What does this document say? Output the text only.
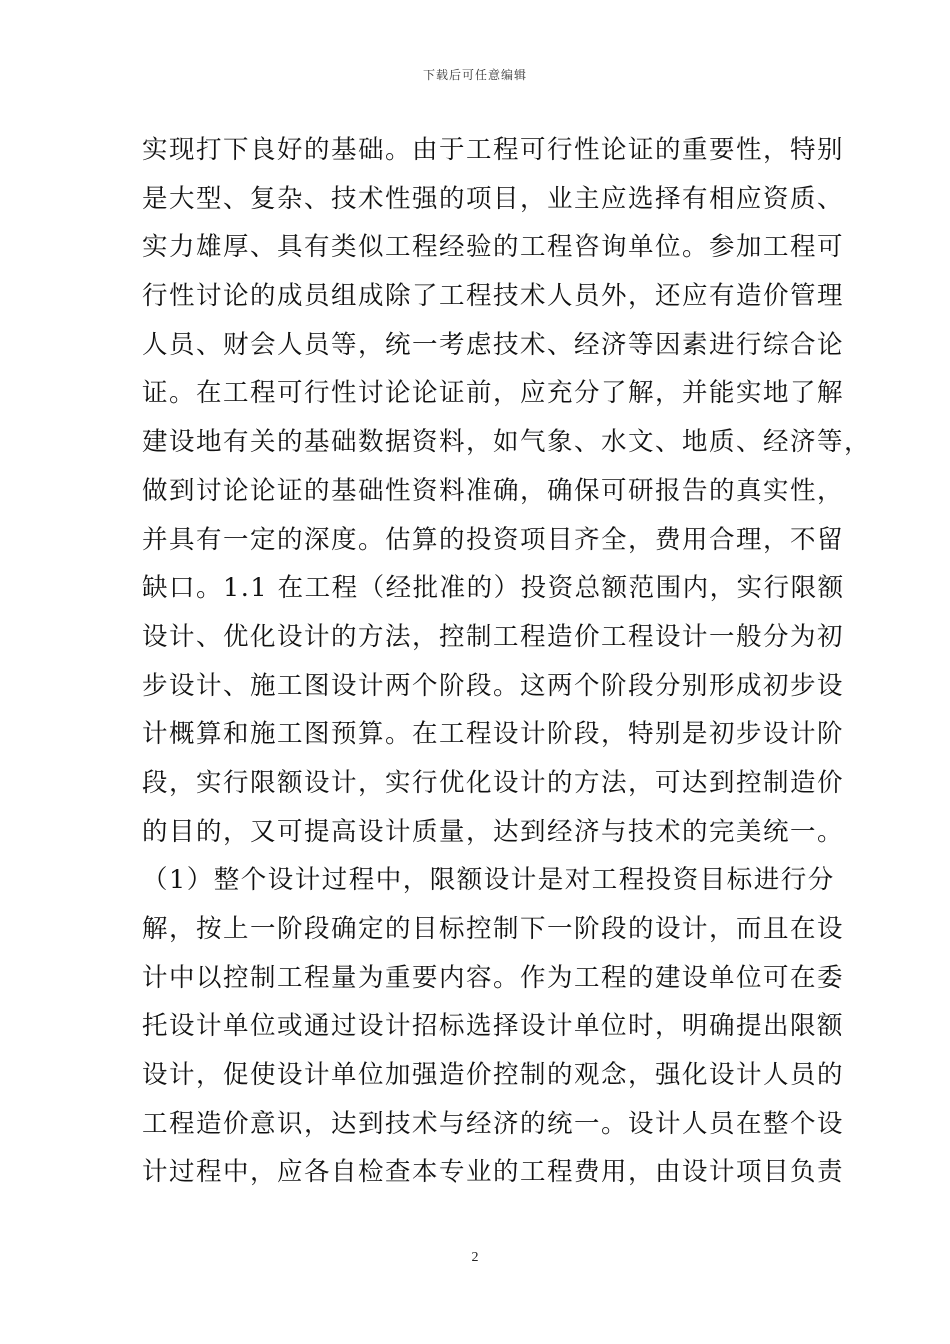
下载后可任意编辑
实现打下良好的基础。由于工程可行性论证的重要性，特别
是大型、复杂、技术性强的项目，业主应选择有相应资质、
实力雄厚、具有类似工程经验的工程咨询单位。参加工程可
行性讨论的成员组成除了工程技术人员外，还应有造价管理
人员、财会人员等，统一考虑技术、经济等因素进行综合论
证。在工程可行性讨论论证前，应充分了解，并能实地了解
建设地有关的基础数据资料，如气象、水文、地质、经济等，
做到讨论论证的基础性资料准确，确保可研报告的真实性，
并具有一定的深度。估算的投资项目齐全，费用合理，不留
缺口。1.1 在工程（经批准的）投资总额范围内，实行限额
设计、优化设计的方法，控制工程造价工程设计一般分为初
步设计、施工图设计两个阶段。这两个阶段分别形成初步设
计概算和施工图预算。在工程设计阶段，特别是初步设计阶
段，实行限额设计，实行优化设计的方法，可达到控制造价
的目的，又可提高设计质量，达到经济与技术的完美统一。
（1）整个设计过程中，限额设计是对工程投资目标进行分
解，按上一阶段确定的目标控制下一阶段的设计，而且在设
计中以控制工程量为重要内容。作为工程的建设单位可在委
托设计单位或通过设计招标选择设计单位时，明确提出限额
设计，促使设计单位加强造价控制的观念，强化设计人员的
工程造价意识，达到技术与经济的统一。设计人员在整个设
计过程中，应各自检查本专业的工程费用，由设计项目负责
2
